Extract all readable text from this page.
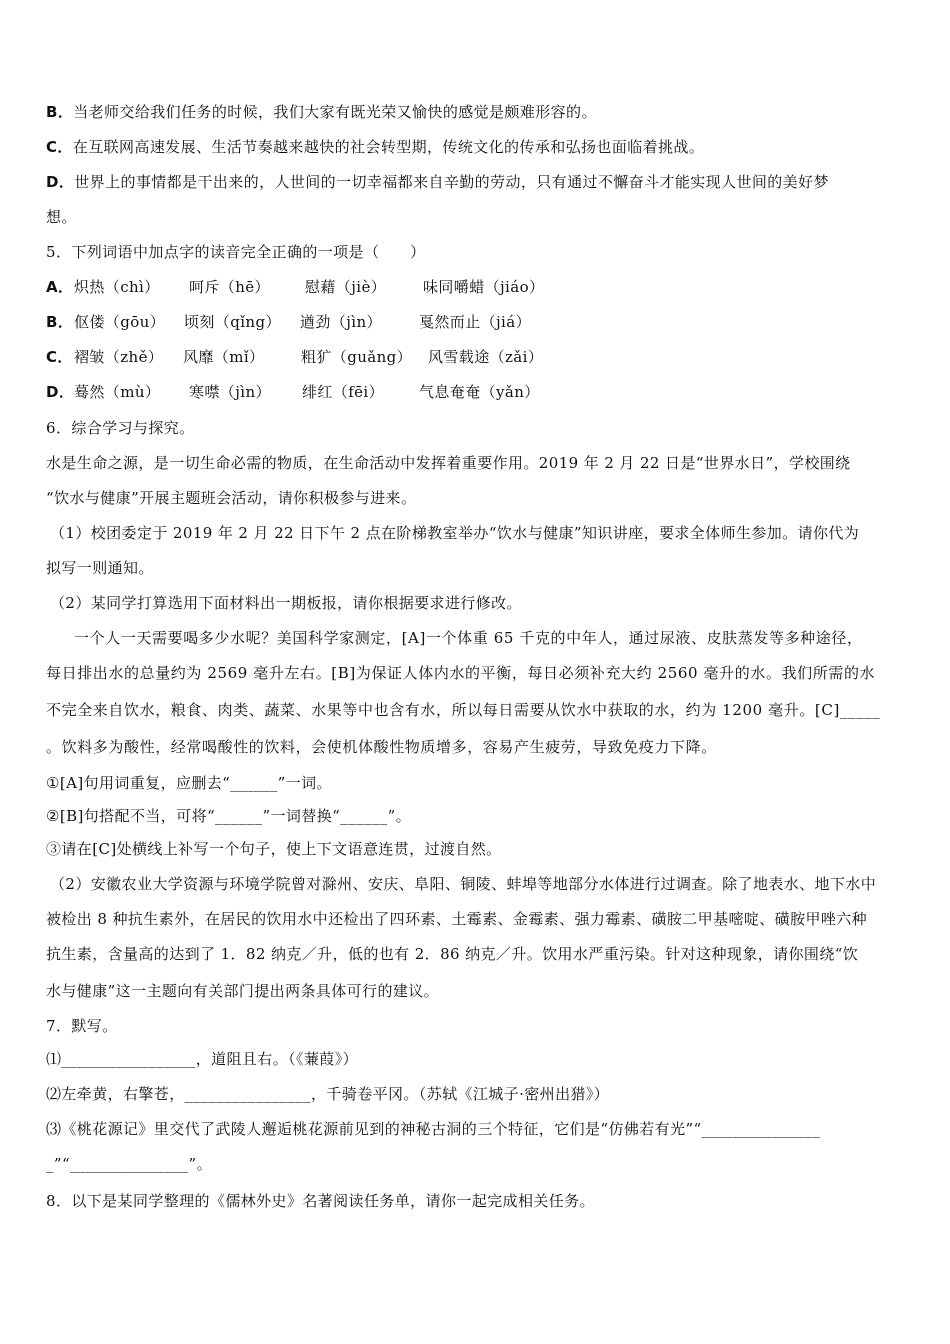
B．当老师交给我们任务的时候，我们大家有既光荣又愉快的感觉是颇难形容的。
C．在互联网高速发展、生活节奏越来越快的社会转型期，传统文化的传承和弘扬也面临着挑战。
D．世界上的事情都是干出来的，人世间的一切幸福都来自辛勤的劳动，只有通过不懈奋斗才能实现人世间的美好梦
想。
5．下列词语中加点字的读音完全正确的一项是（　　）
A．炽热（chì） 呵斥（hē） 慰藉（jiè） 味同嚼蜡（jiáo）
B．伛偻（gōu） 顷刻（qǐng） 遒劲（jìn） 戛然而止（jiá）
C．褶皱（zhě） 风靡（mǐ） 粗犷（guǎng） 风雪载途（zǎi）
D．蓦然（mù） 寒噤（jìn） 绯红（fēi） 气息奄奄（yǎn）
6．综合学习与探究。
水是生命之源，是一切生命必需的物质，在生命活动中发挥着重要作用。2019 年 2 月 22 日是“世界水日”，学校围绕
“饮水与健康”开展主题班会活动，请你积极参与进来。
（1）校团委定于 2019 年 2 月 22 日下午 2 点在阶梯教室举办“饮水与健康”知识讲座，要求全体师生参加。请你代为
拟写一则通知。
（2）某同学打算选用下面材料出一期板报，请你根据要求进行修改。
一个人一天需要喝多少水呢？美国科学家测定，[A]一个体重 65 千克的中年人，通过尿液、皮肤蒸发等多种途径，
每日排出水的总量约为 2569 毫升左右。[B]为保证人体内水的平衡，每日必须补充大约 2560 毫升的水。我们所需的水
不完全来自饮水，粮食、肉类、蔬菜、水果等中也含有水，所以每日需要从饮水中获取的水，约为 1200 毫升。[C]_____
。饮料多为酸性，经常喝酸性的饮料，会使机体酸性物质增多，容易产生疲劳，导致免疫力下降。
①[A]句用词重复，应删去“______”一词。
②[B]句搭配不当，可将“______”一词替换“______”。
③请在[C]处横线上补写一个句子，使上下文语意连贯，过渡自然。
（2）安徽农业大学资源与环境学院曾对滁州、安庆、阜阳、铜陵、蚌埠等地部分水体进行过调查。除了地表水、地下水中
被检出 8 种抗生素外，在居民的饮用水中还检出了四环素、土霉素、金霉素、强力霉素、磺胺二甲基嘧啶、磺胺甲唑六种
抗生素，含量高的达到了 1．82 纳克／升，低的也有 2．86 纳克／升。饮用水严重污染。针对这种现象，请你围绕“饮
水与健康”这一主题向有关部门提出两条具体可行的建议。
7．默写。
⑴_________________，道阻且右。（《蒹葭》）
⑵左牵黄，右擎苍，________________，千骑卷平冈。（苏轼《江城子·密州出猎》）
⑶《桃花源记》里交代了武陵人邂逅桃花源前见到的神秘古洞的三个特征，它们是“仿佛若有光”“_______________
_”“_______________”。
8．以下是某同学整理的《儒林外史》名著阅读任务单，请你一起完成相关任务。
